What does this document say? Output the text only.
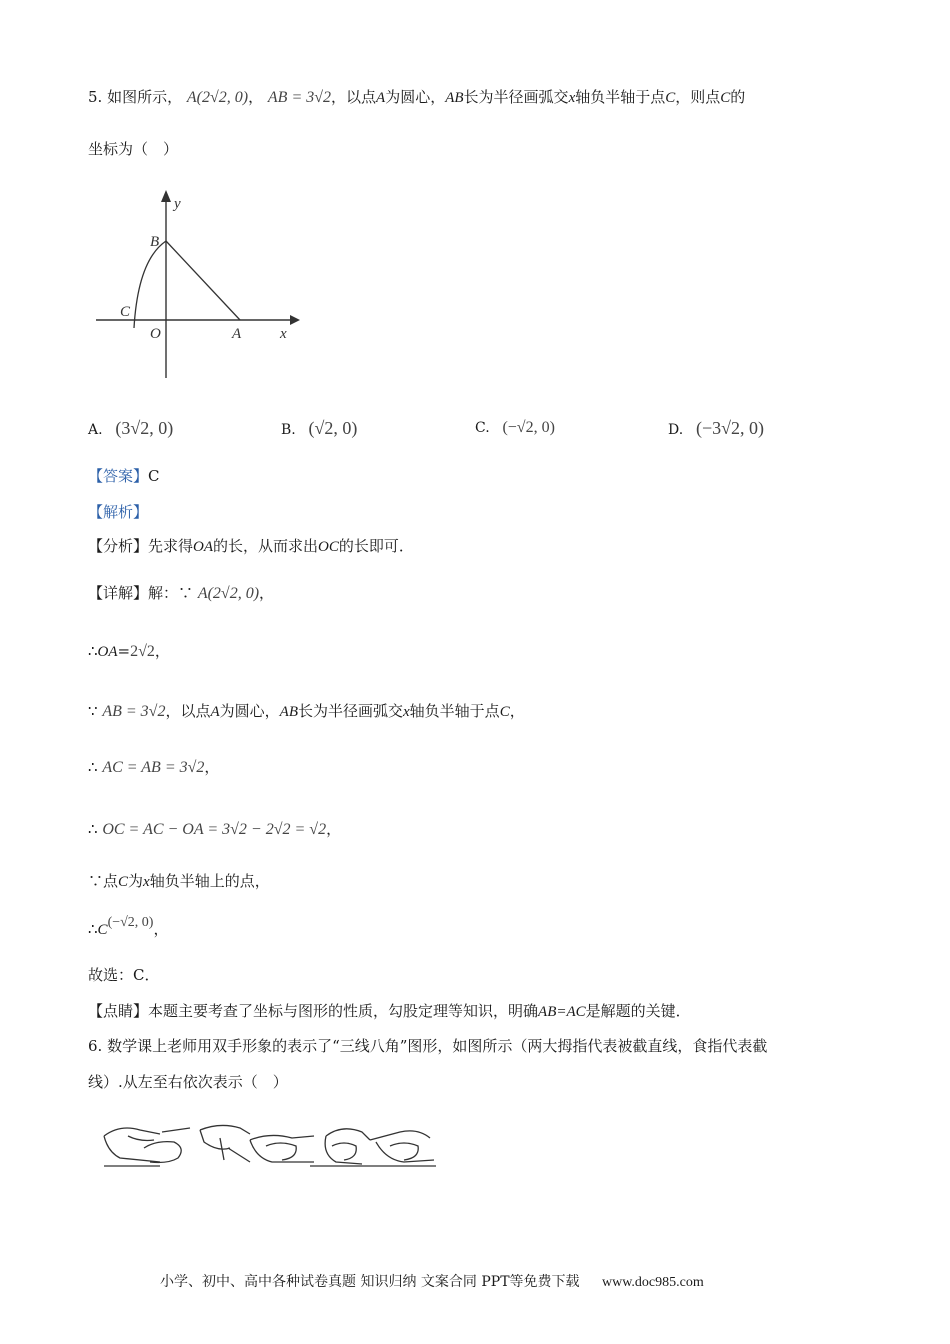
5. 如图所示， A(2√2, 0)， AB = 3√2，以点A为圆心，AB长为半径画弧交x轴负半轴于点C，则点C的
坐标为（　）
y
B
C
O	A	x
A. (3√2, 0)	B. (√2, 0)	C. (−√2, 0)	D. (−3√2, 0)
【答案】C
【解析】
【分析】先求得OA的长，从而求出OC的长即可．
【详解】解：∵ A(2√2, 0)，
∴OA=2√2，
∵ AB = 3√2，以点A为圆心，AB长为半径画弧交x轴负半轴于点C，
∴ AC = AB = 3√2，
∴ OC = AC − OA = 3√2 − 2√2 = √2，
∵点C为x轴负半轴上的点，
∴C(−√2, 0)，
故选：C．
【点睛】本题主要考查了坐标与图形的性质，勾股定理等知识，明确AB=AC是解题的关键．
6. 数学课上老师用双手形象的表示了“三线八角”图形，如图所示（两大拇指代表被截直线，食指代表截
线）.从左至右依次表示（　）
小学、初中、高中各种试卷真题 知识归纳 文案合同 PPT等免费下载 www.doc985.com
